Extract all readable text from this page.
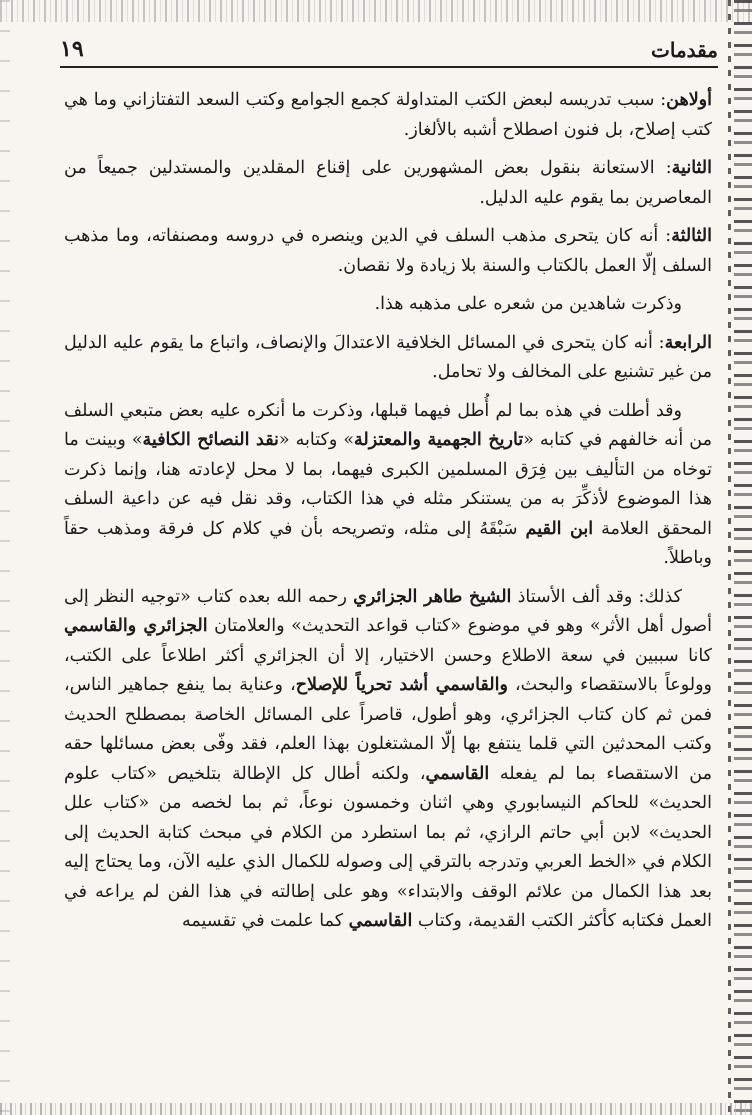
مقدمات
١٩

أولاهن: سبب تدريسه لبعض الكتب المتداولة كجمع الجوامع وكتب السعد التفتازاني وما هي كتب إصلاح، بل فنون اصطلاح أشبه بالألغاز.

الثانية: الاستعانة بنقول بعض المشهورين على إقناع المقلدين والمستدلين جميعاً من المعاصرين بما يقوم عليه الدليل.

الثالثة: أنه كان يتحرى مذهب السلف في الدين وينصره في دروسه ومصنفاته، وما مذهب السلف إلّا العمل بالكتاب والسنة بلا زيادة ولا نقصان.

وذكرت شاهدين من شعره على مذهبه هذا.

الرابعة: أنه كان يتحرى في المسائل الخلافية الاعتدالَ والإنصاف، واتباع ما يقوم عليه الدليل من غير تشنيع على المخالف ولا تحامل.

وقد أطلت في هذه بما لم أُطل فيهما قبلها، وذكرت ما أنكره عليه بعض متبعي السلف من أنه خالفهم في كتابه «تاريخ الجهمية والمعتزلة» وكتابه «نقد النصائح الكافية» وبينت ما توخاه من التأليف بين فِرَق المسلمين الكبرى فيهما، بما لا محل لإعادته هنا، وإنما ذكرت هذا الموضوع لأذكِّرَ به من يستنكر مثله في هذا الكتاب، وقد نقل فيه عن داعية السلف المحقق العلامة ابن القيم سَبْقَهُ إلى مثله، وتصريحه بأن في كلام كل فرقة ومذهب حقاً وباطلاً.

كذلك: وقد ألف الأستاذ الشيخ طاهر الجزائري رحمه الله بعده كتاب «توجيه النظر إلى أصول أهل الأثر» وهو في موضوع «كتاب قواعد التحديث» والعلامتان الجزائري والقاسمي كانا سببين في سعة الاطلاع وحسن الاختيار، إلا أن الجزائري أكثر اطلاعاً على الكتب، وولوعاً بالاستقصاء والبحث، والقاسمي أشد تحرياً للإصلاح، وعناية بما ينفع جماهير الناس، فمن ثم كان كتاب الجزائري، وهو أطول، قاصراً على المسائل الخاصة بمصطلح الحديث وكتب المحدثين التي قلما ينتفع بها إلّا المشتغلون بهذا العلم، فقد وفّى بعض مسائلها حقه من الاستقصاء بما لم يفعله القاسمي، ولكنه أطال كل الإطالة بتلخيص «كتاب علوم الحديث» للحاكم النيسابوري وهي اثنان وخمسون نوعاً، ثم بما لخصه من «كتاب علل الحديث» لابن أبي حاتم الرازي، ثم بما استطرد من الكلام في مبحث كتابة الحديث إلى الكلام في «الخط العربي وتدرجه بالترقي إلى وصوله للكمال الذي عليه الآن، وما يحتاج إليه بعد هذا الكمال من علائم الوقف والابتداء» وهو على إطالته في هذا الفن لم يراعه في العمل فكتابه كأكثر الكتب القديمة، وكتاب القاسمي كما علمت في تقسيمه
